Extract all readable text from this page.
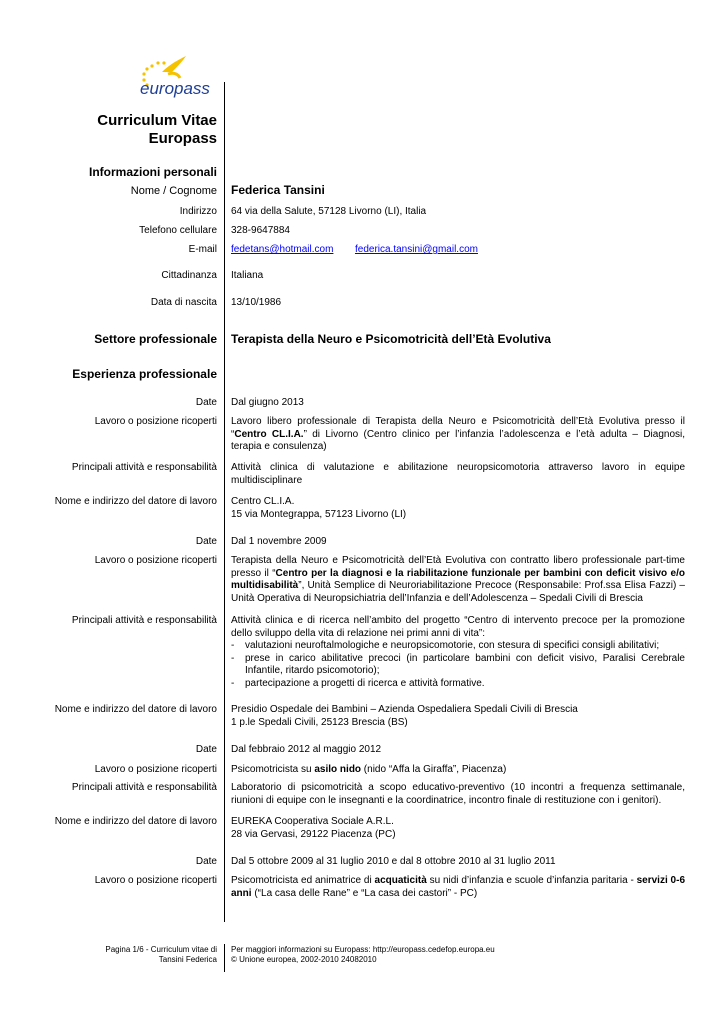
europass
Curriculum Vitae
Europass
Informazioni personali
Nome / Cognome Federica Tansini
Indirizzo 64 via della Salute, 57128 Livorno (LI), Italia
Telefono cellulare 328-9647884
E-mail fedetans@hotmail.com federica.tansini@gmail.com
Cittadinanza Italiana
Data di nascita 13/10/1986
Settore professionale Terapista della Neuro e Psicomotricità dell’Età Evolutiva
Esperienza professionale
Date Dal giugno 2013
Lavoro o posizione ricoperti Lavoro libero professionale di Terapista della Neuro e Psicomotricità dell’Età Evolutiva presso il “Centro CL.I.A.” di Livorno (Centro clinico per l’infanzia l’adolescenza e l’età adulta – Diagnosi, terapia e consulenza)
Principali attività e responsabilità Attività clinica di valutazione e abilitazione neuropsicomotoria attraverso lavoro in equipe multidisciplinare
Nome e indirizzo del datore di lavoro Centro CL.I.A.
15 via Montegrappa, 57123 Livorno (LI)
Date Dal 1 novembre 2009
Lavoro o posizione ricoperti Terapista della Neuro e Psicomotricità dell’Età Evolutiva con contratto libero professionale part-time presso il “Centro per la diagnosi e la riabilitazione funzionale per bambini con deficit visivo e/o multidisabilità”, Unità Semplice di Neuroriabilitazione Precoce (Responsabile: Prof.ssa Elisa Fazzi) – Unità Operativa di Neuropsichiatria dell’Infanzia e dell’Adolescenza – Spedali Civili di Brescia
Principali attività e responsabilità Attività clinica e di ricerca nell’ambito del progetto “Centro di intervento precoce per la promozione dello sviluppo della vita di relazione nei primi anni di vita”:
- valutazioni neuroftalmologiche e neuropsicomotorie, con stesura di specifici consigli abilitativi;
- prese in carico abilitative precoci (in particolare bambini con deficit visivo, Paralisi Cerebrale Infantile, ritardo psicomotorio);
- partecipazione a progetti di ricerca e attività formative.
Nome e indirizzo del datore di lavoro Presidio Ospedale dei Bambini – Azienda Ospedaliera Spedali Civili di Brescia
1 p.le Spedali Civili, 25123 Brescia (BS)
Date Dal febbraio 2012 al maggio 2012
Lavoro o posizione ricoperti Psicomotricista su asilo nido (nido “Affa la Giraffa”, Piacenza)
Principali attività e responsabilità Laboratorio di psicomotricità a scopo educativo-preventivo (10 incontri a frequenza settimanale, riunioni di equipe con le insegnanti e la coordinatrice, incontro finale di restituzione con i genitori).
Nome e indirizzo del datore di lavoro EUREKA Cooperativa Sociale A.R.L.
28 via Gervasi, 29122 Piacenza (PC)
Date Dal 5 ottobre 2009 al 31 luglio 2010 e dal 8 ottobre 2010 al 31 luglio 2011
Lavoro o posizione ricoperti Psicomotricista ed animatrice di acquaticità su nidi d’infanzia e scuole d’infanzia paritaria - servizi 0-6 anni (“La casa delle Rane” e “La casa dei castori” - PC)
Pagina 1/6 - Curriculum vitae di
Tansini Federica
Per maggiori informazioni su Europass: http://europass.cedefop.europa.eu
© Unione europea, 2002-2010 24082010
